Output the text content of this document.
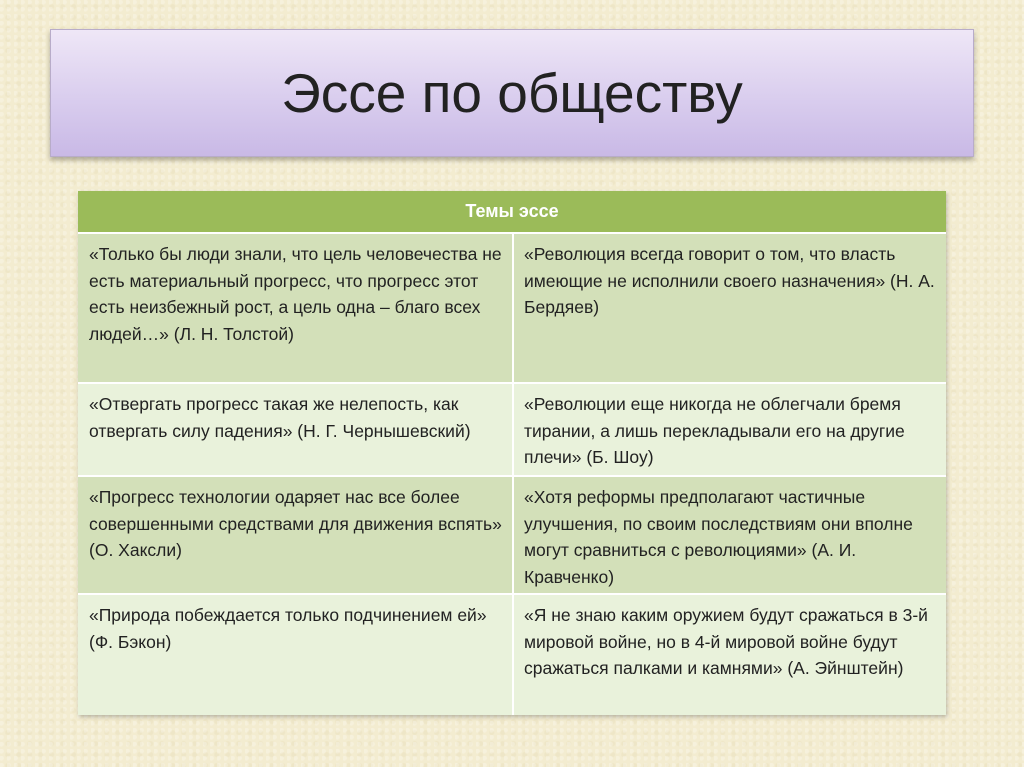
Эссе по обществу
Темы эссе
«Только бы люди знали, что цель человечества не есть материальный прогресс, что прогресс этот есть неизбежный рост, а цель одна – благо всех людей…» (Л. Н. Толстой)
«Революция всегда говорит о том, что власть имеющие не исполнили своего назначения» (Н. А. Бердяев)
«Отвергать прогресс такая же нелепость, как отвергать силу падения» (Н. Г. Чернышевский)
«Революции еще никогда не облегчали бремя тирании, а лишь перекладывали его на другие плечи» (Б. Шоу)
«Прогресс технологии одаряет нас все более совершенными средствами для движения вспять» (О. Хаксли)
«Хотя реформы предполагают частичные улучшения, по своим последствиям они вполне могут сравниться с революциями» (А. И. Кравченко)
«Природа побеждается только подчинением ей» (Ф. Бэкон)
«Я не знаю каким оружием будут сражаться в 3-й мировой войне, но в 4-й мировой войне будут сражаться палками и камнями» (А. Эйнштейн)
